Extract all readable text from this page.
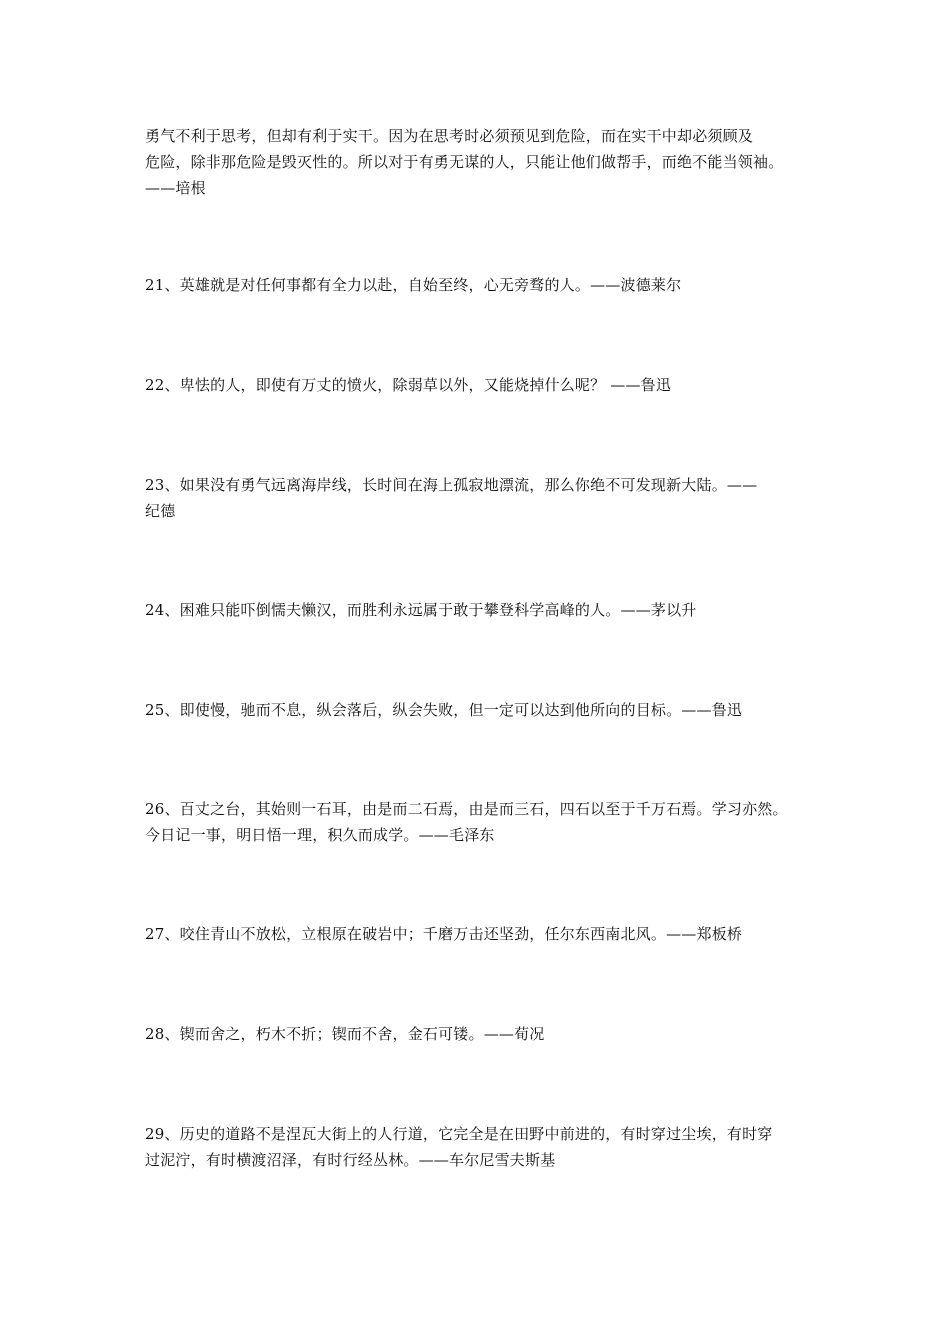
勇气不利于思考，但却有利于实干。因为在思考时必须预见到危险，而在实干中却必须顾及
危险，除非那危险是毁灭性的。所以对于有勇无谋的人，只能让他们做帮手，而绝不能当领袖。
——培根

21、英雄就是对任何事都有全力以赴，自始至终，心无旁骛的人。——波德莱尔

22、卑怯的人，即使有万丈的愤火，除弱草以外，又能烧掉什么呢？ ——鲁迅

23、如果没有勇气远离海岸线，长时间在海上孤寂地漂流，那么你绝不可发现新大陆。——
纪德

24、困难只能吓倒懦夫懒汉，而胜利永远属于敢于攀登科学高峰的人。——茅以升

25、即使慢，驰而不息，纵会落后，纵会失败，但一定可以达到他所向的目标。——鲁迅

26、百丈之台，其始则一石耳，由是而二石焉，由是而三石，四石以至于千万石焉。学习亦然。
今日记一事，明日悟一理，积久而成学。——毛泽东

27、咬住青山不放松，立根原在破岩中；千磨万击还坚劲，任尔东西南北风。——郑板桥

28、锲而舍之，朽木不折；锲而不舍，金石可镂。——荀况

29、历史的道路不是涅瓦大街上的人行道，它完全是在田野中前进的，有时穿过尘埃，有时穿
过泥泞，有时横渡沼泽，有时行经丛林。——车尔尼雪夫斯基
